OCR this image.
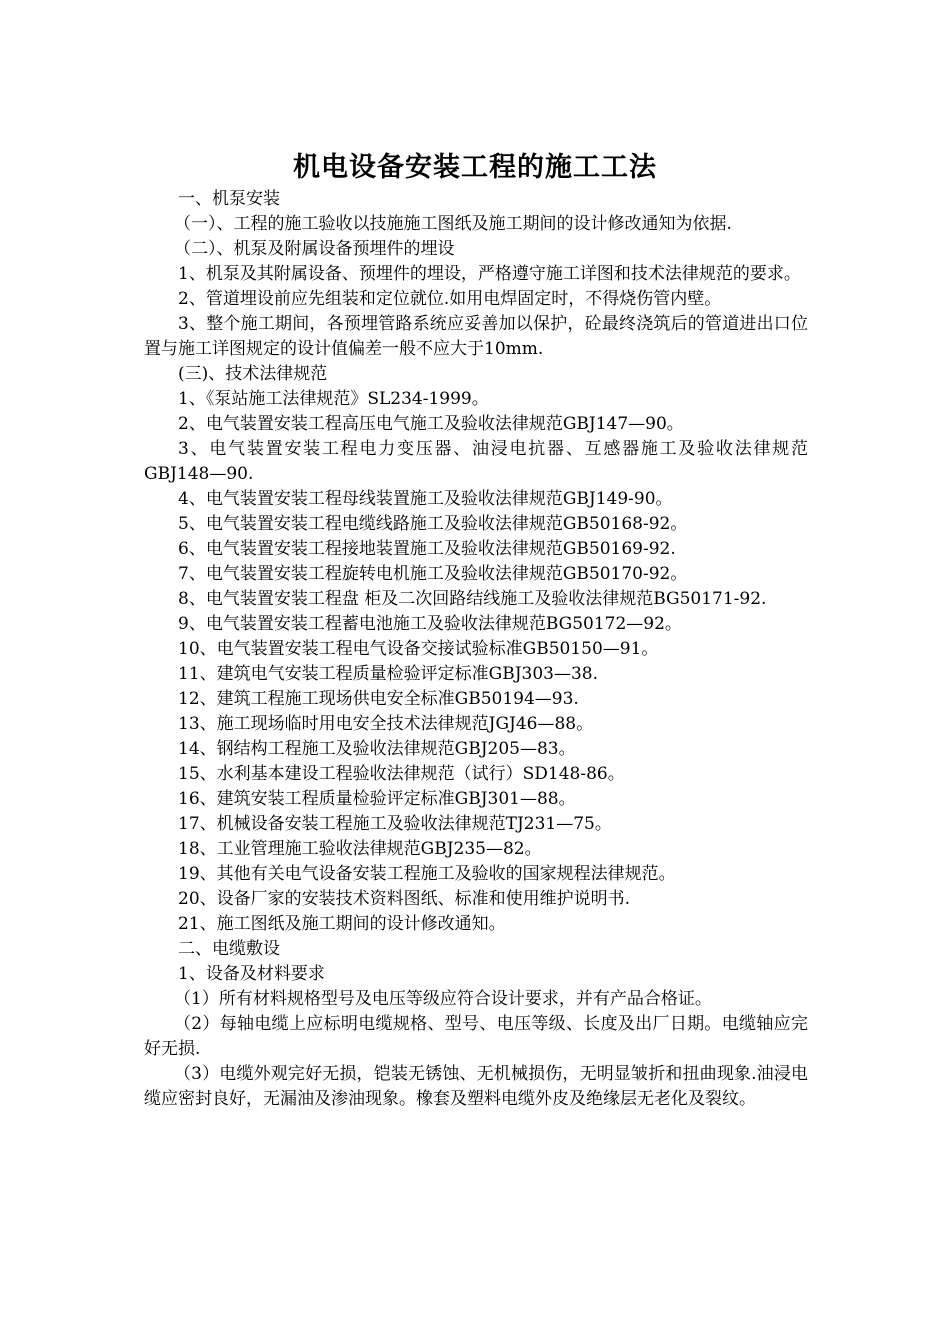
机电设备安装工程的施工工法

一、机泵安装

（一）、工程的施工验收以技施施工图纸及施工期间的设计修改通知为依据.

（二）、机泵及附属设备预埋件的埋设

1、机泵及其附属设备、预埋件的埋设，严格遵守施工详图和技术法律规范的要求。

2、管道埋设前应先组装和定位就位.如用电焊固定时，不得烧伤管内壁。

3、整个施工期间，各预埋管路系统应妥善加以保护，砼最终浇筑后的管道进出口位置与施工详图规定的设计值偏差一般不应大于10mm.

(三)、技术法律规范

1、《泵站施工法律规范》SL234-1999。

2、电气装置安装工程高压电气施工及验收法律规范GBJ147—90。

3、电气装置安装工程电力变压器、油浸电抗器、互感器施工及验收法律规范GBJ148—90.

4、电气装置安装工程母线装置施工及验收法律规范GBJ149-90。

5、电气装置安装工程电缆线路施工及验收法律规范GB50168-92。

6、电气装置安装工程接地装置施工及验收法律规范GB50169-92.

7、电气装置安装工程旋转电机施工及验收法律规范GB50170-92。

8、电气装置安装工程盘 柜及二次回路结线施工及验收法律规范BG50171-92.

9、电气装置安装工程蓄电池施工及验收法律规范BG50172—92。

10、电气装置安装工程电气设备交接试验标准GB50150—91。

11、建筑电气安装工程质量检验评定标准GBJ303—38.

12、建筑工程施工现场供电安全标准GB50194—93.

13、施工现场临时用电安全技术法律规范JGJ46—88。

14、钢结构工程施工及验收法律规范GBJ205—83。

15、水利基本建设工程验收法律规范（试行）SD148-86。

16、建筑安装工程质量检验评定标准GBJ301—88。

17、机械设备安装工程施工及验收法律规范TJ231—75。

18、工业管理施工验收法律规范GBJ235—82。

19、其他有关电气设备安装工程施工及验收的国家规程法律规范。

20、设备厂家的安装技术资料图纸、标准和使用维护说明书.

21、施工图纸及施工期间的设计修改通知。

二、电缆敷设

1、设备及材料要求

（1）所有材料规格型号及电压等级应符合设计要求，并有产品合格证。

（2）每轴电缆上应标明电缆规格、型号、电压等级、长度及出厂日期。电缆轴应完好无损.

（3）电缆外观完好无损，铠装无锈蚀、无机械损伤，无明显皱折和扭曲现象.油浸电缆应密封良好，无漏油及渗油现象。橡套及塑料电缆外皮及绝缘层无老化及裂纹。
